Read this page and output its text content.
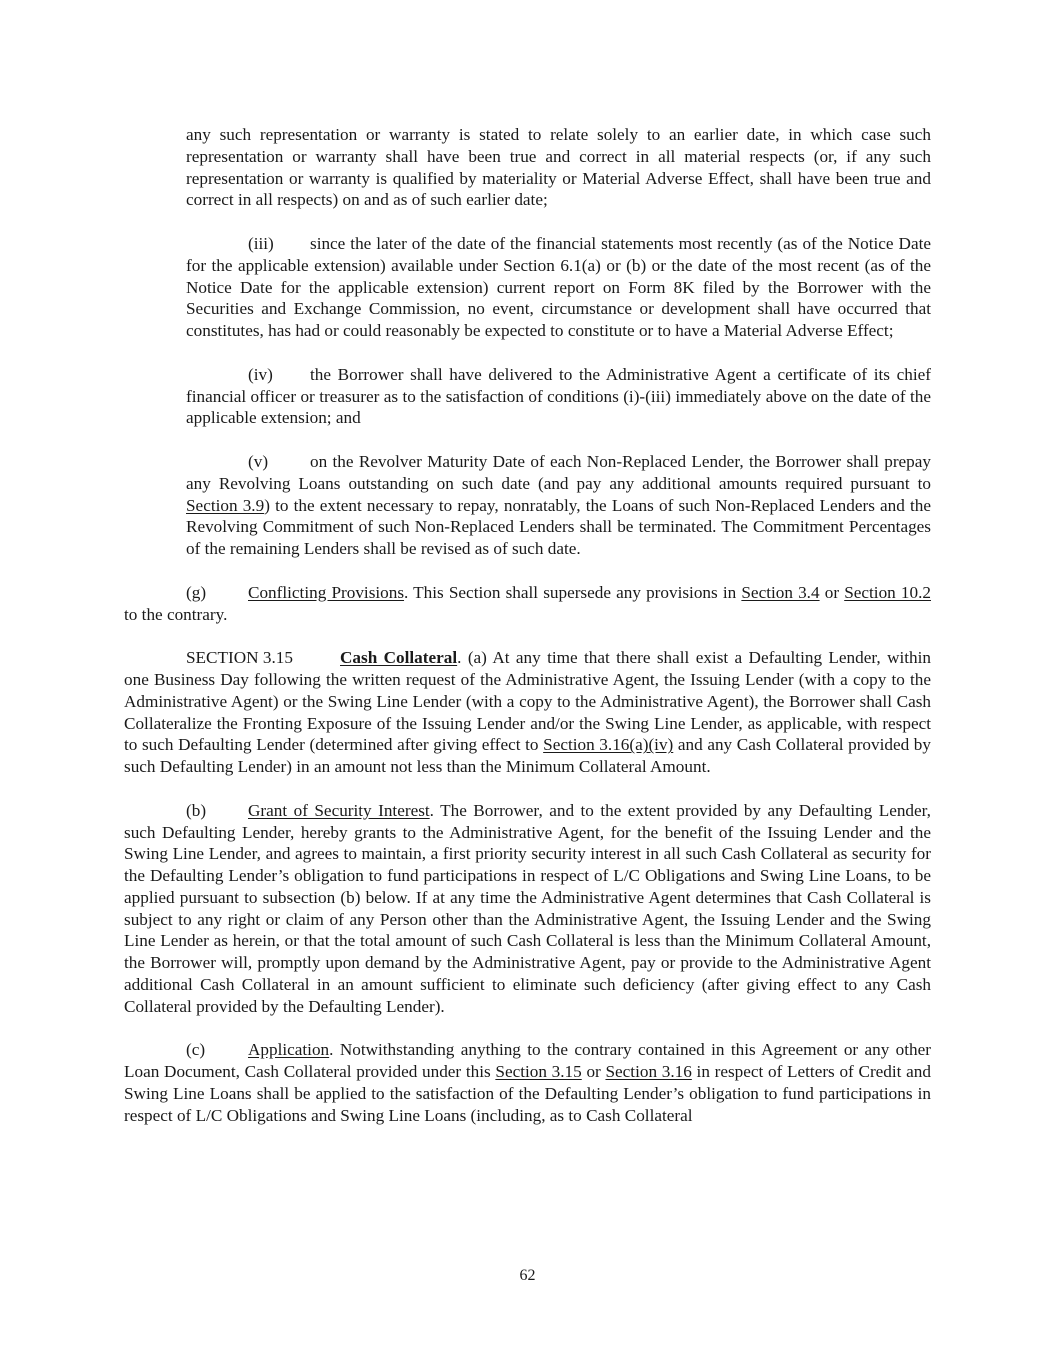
any such representation or warranty is stated to relate solely to an earlier date, in which case such representation or warranty shall have been true and correct in all material respects (or, if any such representation or warranty is qualified by materiality or Material Adverse Effect, shall have been true and correct in all respects) on and as of such earlier date;

(iii) since the later of the date of the financial statements most recently (as of the Notice Date for the applicable extension) available under Section 6.1(a) or (b) or the date of the most recent (as of the Notice Date for the applicable extension) current report on Form 8K filed by the Borrower with the Securities and Exchange Commission, no event, circumstance or development shall have occurred that constitutes, has had or could reasonably be expected to constitute or to have a Material Adverse Effect;

(iv) the Borrower shall have delivered to the Administrative Agent a certificate of its chief financial officer or treasurer as to the satisfaction of conditions (i)-(iii) immediately above on the date of the applicable extension; and

(v) on the Revolver Maturity Date of each Non-Replaced Lender, the Borrower shall prepay any Revolving Loans outstanding on such date (and pay any additional amounts required pursuant to Section 3.9) to the extent necessary to repay, nonratably, the Loans of such Non-Replaced Lenders and the Revolving Commitment of such Non-Replaced Lenders shall be terminated. The Commitment Percentages of the remaining Lenders shall be revised as of such date.

(g) Conflicting Provisions. This Section shall supersede any provisions in Section 3.4 or Section 10.2 to the contrary.

SECTION 3.15	Cash Collateral. (a) At any time that there shall exist a Defaulting Lender, within one Business Day following the written request of the Administrative Agent, the Issuing Lender (with a copy to the Administrative Agent) or the Swing Line Lender (with a copy to the Administrative Agent), the Borrower shall Cash Collateralize the Fronting Exposure of the Issuing Lender and/or the Swing Line Lender, as applicable, with respect to such Defaulting Lender (determined after giving effect to Section 3.16(a)(iv) and any Cash Collateral provided by such Defaulting Lender) in an amount not less than the Minimum Collateral Amount.

(b) Grant of Security Interest. The Borrower, and to the extent provided by any Defaulting Lender, such Defaulting Lender, hereby grants to the Administrative Agent, for the benefit of the Issuing Lender and the Swing Line Lender, and agrees to maintain, a first priority security interest in all such Cash Collateral as security for the Defaulting Lender’s obligation to fund participations in respect of L/C Obligations and Swing Line Loans, to be applied pursuant to subsection (b) below. If at any time the Administrative Agent determines that Cash Collateral is subject to any right or claim of any Person other than the Administrative Agent, the Issuing Lender and the Swing Line Lender as herein, or that the total amount of such Cash Collateral is less than the Minimum Collateral Amount, the Borrower will, promptly upon demand by the Administrative Agent, pay or provide to the Administrative Agent additional Cash Collateral in an amount sufficient to eliminate such deficiency (after giving effect to any Cash Collateral provided by the Defaulting Lender).

(c) Application. Notwithstanding anything to the contrary contained in this Agreement or any other Loan Document, Cash Collateral provided under this Section 3.15 or Section 3.16 in respect of Letters of Credit and Swing Line Loans shall be applied to the satisfaction of the Defaulting Lender’s obligation to fund participations in respect of L/C Obligations and Swing Line Loans (including, as to Cash Collateral

62
